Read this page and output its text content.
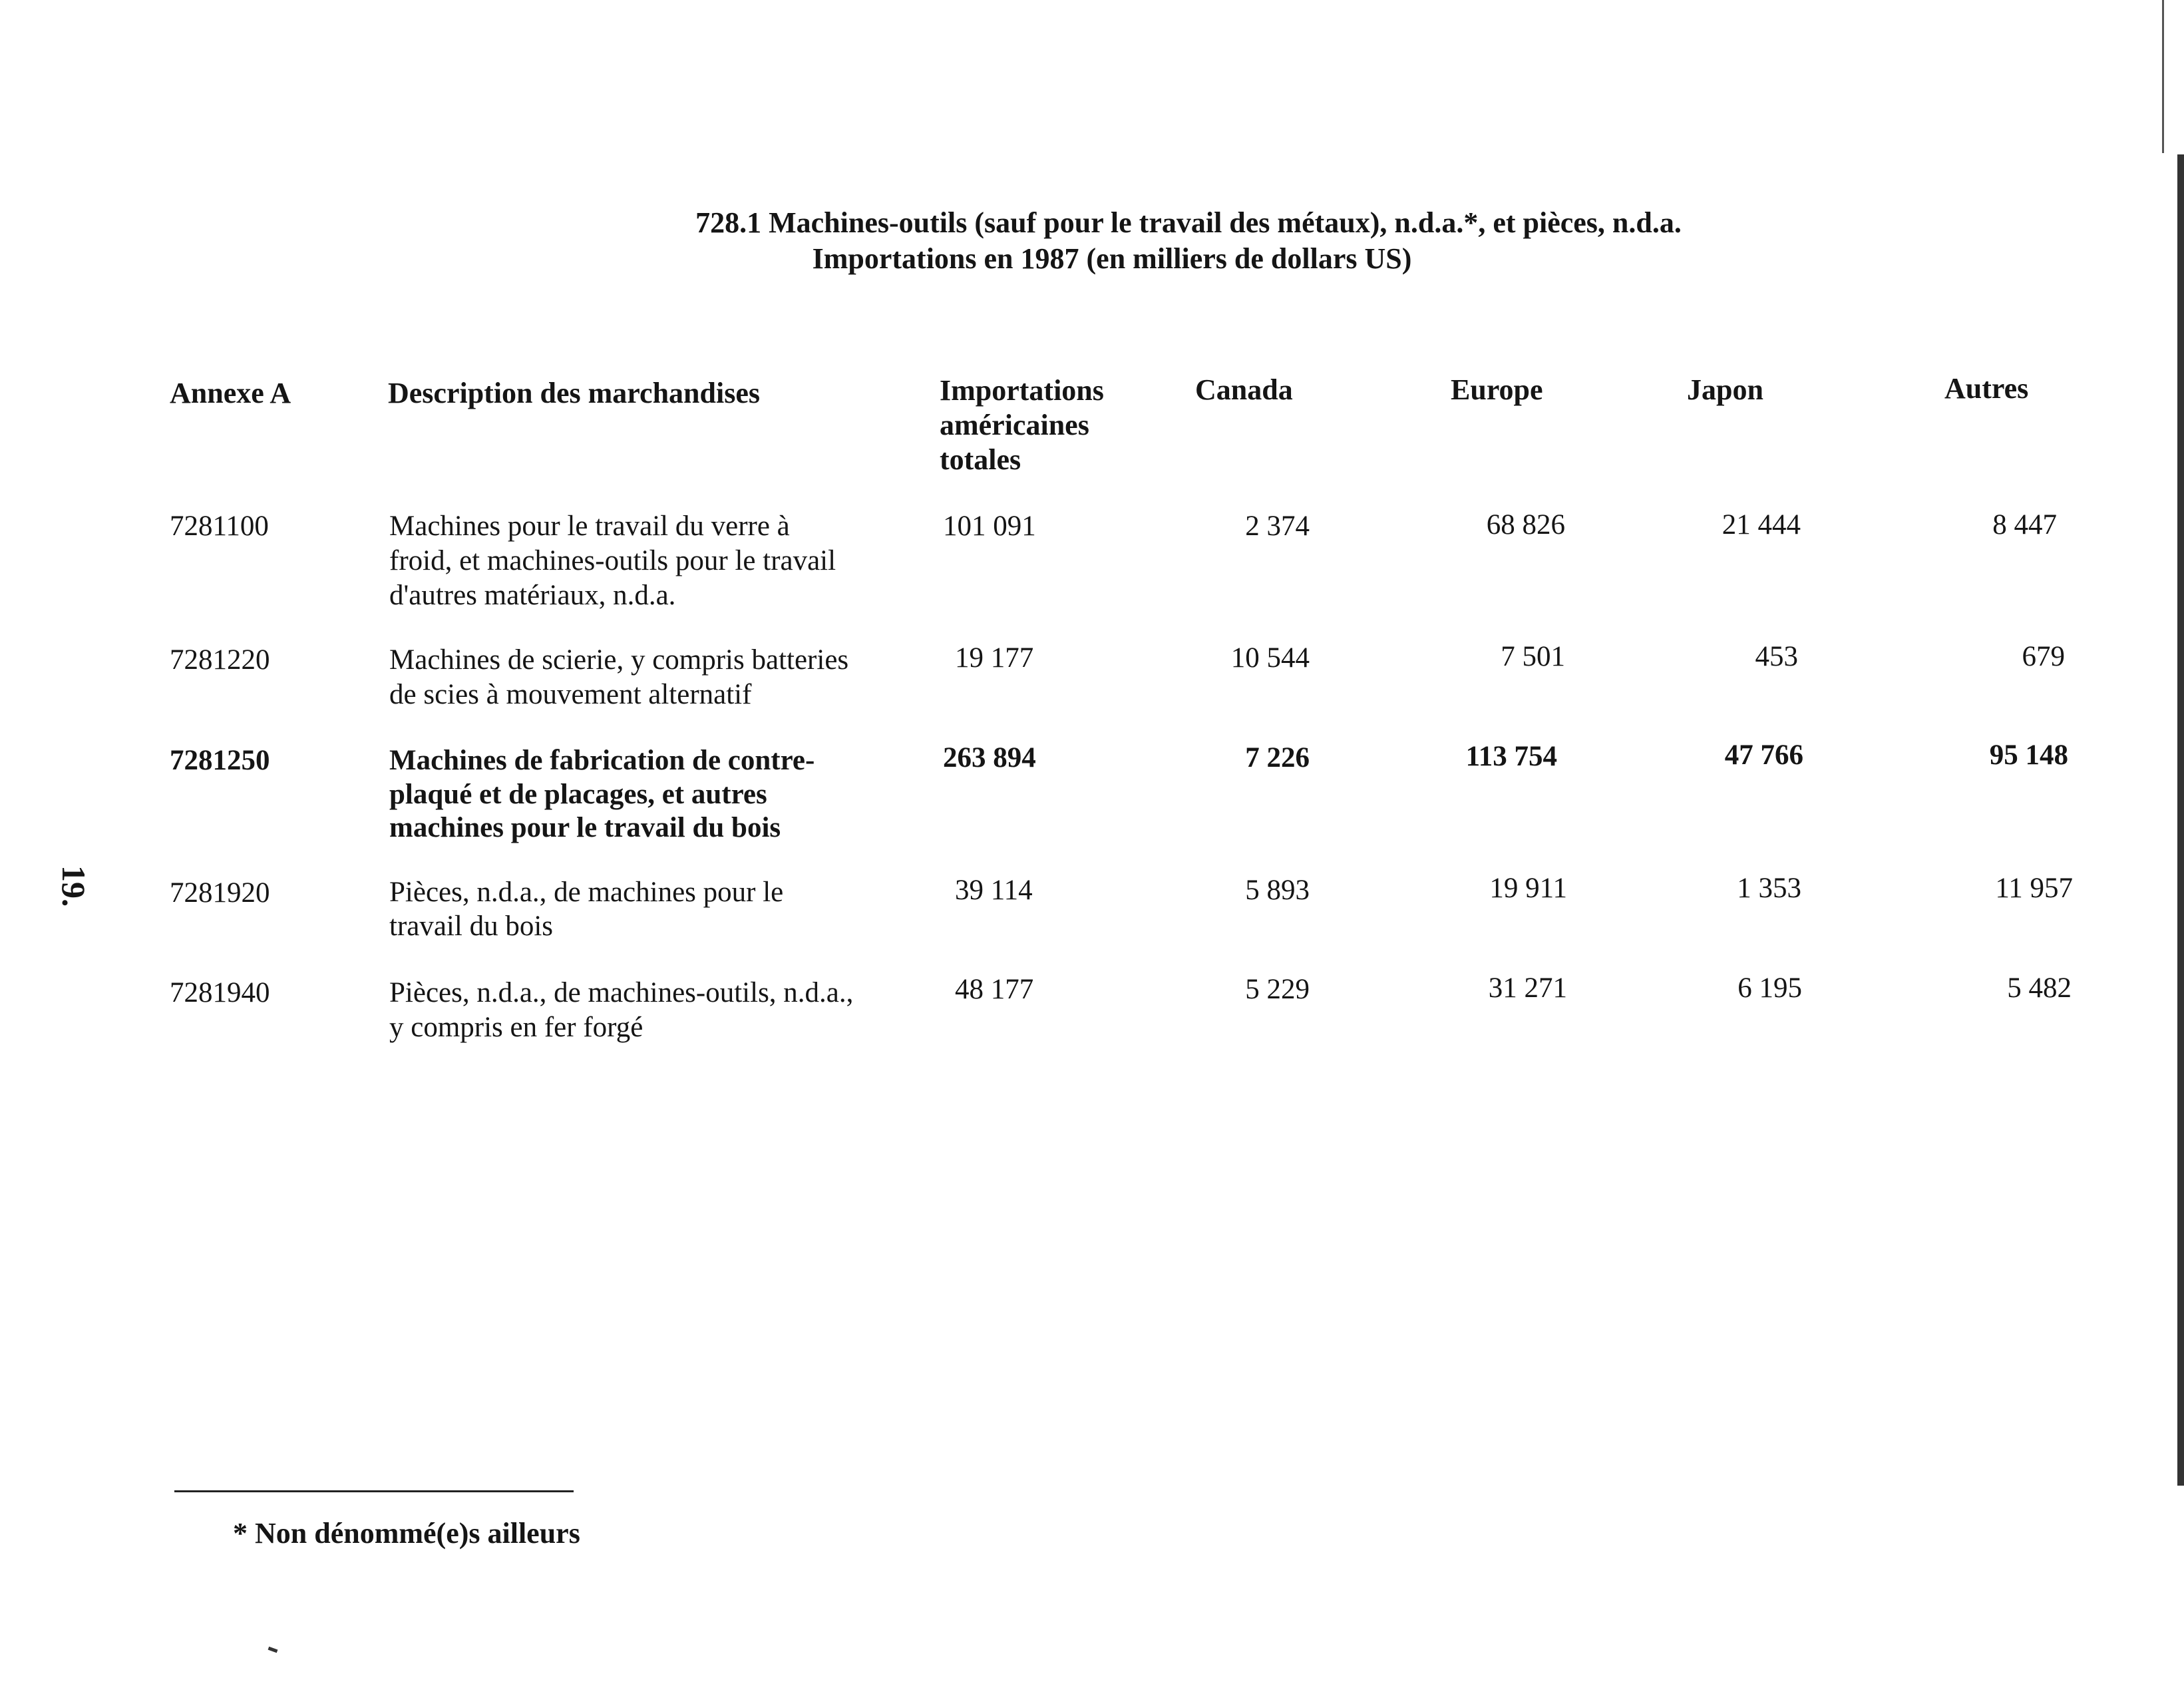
728.1 Machines-outils (sauf pour le travail des métaux), n.d.a.*, et pièces, n.d.a.
Importations en 1987 (en milliers de dollars US)
Annexe A	Description des marchandises	Importations
américaines
totales
Canada	Europe	Japon	Autres
7281100	Machines pour le travail du verre à
froid, et machines-outils pour le travail
d'autres matériaux, n.d.a.
101 091	2 374	68 826	21 444	8 447
7281220	Machines de scierie, y compris batteries
de scies à mouvement alternatif
19 177	10 544	7 501	453	679
7281250	Machines de fabrication de contre-
plaqué et de placages, et autres
machines pour le travail du bois
263 894	7 226	113 754	47 766	95 148
7281920	Pièces, n.d.a., de machines pour le
travail du bois
39 114	5 893	19 911	1 353	11 957
7281940	Pièces, n.d.a., de machines-outils, n.d.a.,
y compris en fer forgé
48 177	5 229	31 271	6 195	5 482
19.
* Non dénommé(e)s ailleurs
